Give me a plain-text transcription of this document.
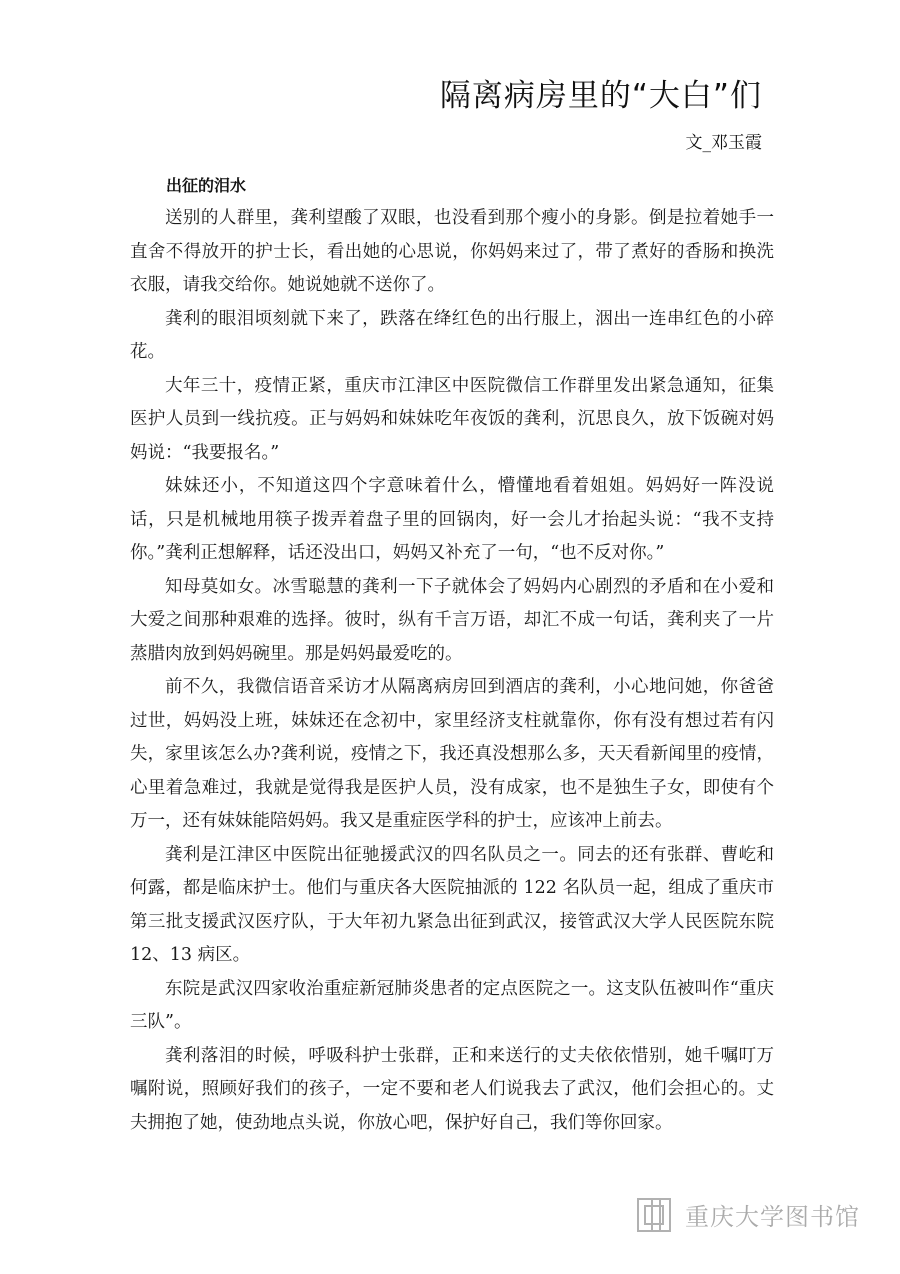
隔离病房里的“大白”们
文_邓玉霞
出征的泪水

送别的人群里，龚利望酸了双眼，也没看到那个瘦小的身影。倒是拉着她手一直舍不得放开的护士长，看出她的心思说，你妈妈来过了，带了煮好的香肠和换洗衣服，请我交给你。她说她就不送你了。

龚利的眼泪顷刻就下来了，跌落在绛红色的出行服上，洇出一连串红色的小碎花。

大年三十，疫情正紧，重庆市江津区中医院微信工作群里发出紧急通知，征集医护人员到一线抗疫。正与妈妈和妹妹吃年夜饭的龚利，沉思良久，放下饭碗对妈妈说：“我要报名。”

妹妹还小，不知道这四个字意味着什么，懵懂地看着姐姐。妈妈好一阵没说话，只是机械地用筷子拨弄着盘子里的回锅肉，好一会儿才抬起头说：“我不支持你。”龚利正想解释，话还没出口，妈妈又补充了一句，“也不反对你。”

知母莫如女。冰雪聪慧的龚利一下子就体会了妈妈内心剧烈的矛盾和在小爱和大爱之间那种艰难的选择。彼时，纵有千言万语，却汇不成一句话，龚利夹了一片蒸腊肉放到妈妈碗里。那是妈妈最爱吃的。

前不久，我微信语音采访才从隔离病房回到酒店的龚利，小心地问她，你爸爸过世，妈妈没上班，妹妹还在念初中，家里经济支柱就靠你，你有没有想过若有闪失，家里该怎么办?龚利说，疫情之下，我还真没想那么多，天天看新闻里的疫情，心里着急难过，我就是觉得我是医护人员，没有成家，也不是独生子女，即使有个万一，还有妹妹能陪妈妈。我又是重症医学科的护士，应该冲上前去。

龚利是江津区中医院出征驰援武汉的四名队员之一。同去的还有张群、曹屹和何露，都是临床护士。他们与重庆各大医院抽派的 122 名队员一起，组成了重庆市第三批支援武汉医疗队，于大年初九紧急出征到武汉，接管武汉大学人民医院东院 12、13 病区。

东院是武汉四家收治重症新冠肺炎患者的定点医院之一。这支队伍被叫作“重庆三队”。

龚利落泪的时候，呼吸科护士张群，正和来送行的丈夫依依惜别，她千嘱叮万嘱附说，照顾好我们的孩子，一定不要和老人们说我去了武汉，他们会担心的。丈夫拥抱了她，使劲地点头说，你放心吧，保护好自己，我们等你回家。

重庆大学图书馆
